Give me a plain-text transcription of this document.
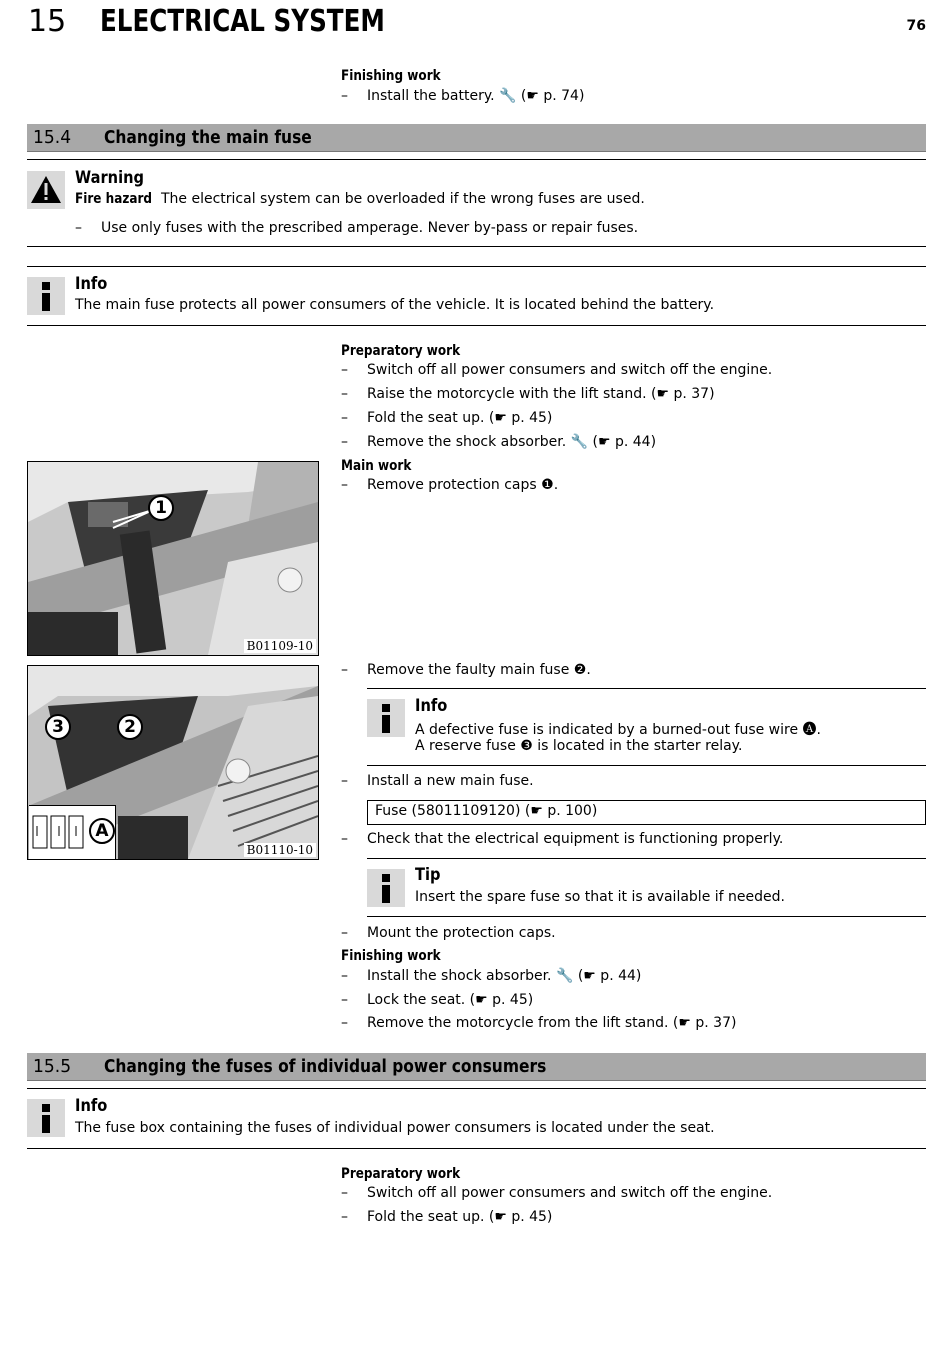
15 ELECTRICAL SYSTEM	76
Finishing work
– Install the battery. 🔧 (☛ p. 74)
15.4 Changing the main fuse
Warning
Fire hazard The electrical system can be overloaded if the wrong fuses are used.
– Use only fuses with the prescribed amperage. Never by-pass or repair fuses.
Info
The main fuse protects all power consumers of the vehicle. It is located behind the battery.
Preparatory work
– Switch off all power consumers and switch off the engine.
– Raise the motorcycle with the lift stand. (☛ p. 37)
– Fold the seat up. (☛ p. 45)
– Remove the shock absorber. 🔧 (☛ p. 44)
Main work
– Remove protection caps ❶.
1
B01109-10
3	2
A
B01110-10
– Remove the faulty main fuse ❷.
Info
A defective fuse is indicated by a burned-out fuse wire 🅐.
A reserve fuse ❸ is located in the starter relay.
– Install a new main fuse.
Fuse (58011109120) (☛ p. 100)
– Check that the electrical equipment is functioning properly.
Tip
Insert the spare fuse so that it is available if needed.
– Mount the protection caps.
Finishing work
– Install the shock absorber. 🔧 (☛ p. 44)
– Lock the seat. (☛ p. 45)
– Remove the motorcycle from the lift stand. (☛ p. 37)
15.5 Changing the fuses of individual power consumers
Info
The fuse box containing the fuses of individual power consumers is located under the seat.
Preparatory work
– Switch off all power consumers and switch off the engine.
– Fold the seat up. (☛ p. 45)
